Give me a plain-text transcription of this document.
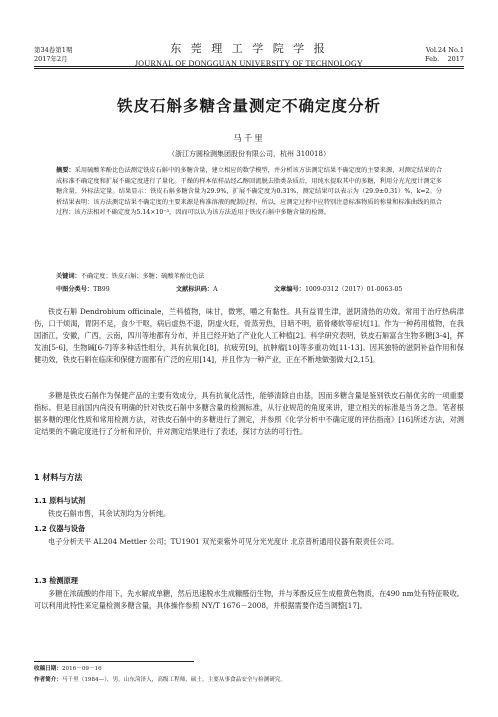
第34卷第1期
2017年2月
东 莞 理 工 学 院 学 报
JOURNAL OF DONGGUAN UNIVERSITY OF TECHNOLOGY
Vol.24 No.1
Feb.    2017
铁皮石斛多糖含量测定不确定度分析
马千里
（浙江方圆检测集团股份有限公司，杭州 310018）
摘要：采用硫酸苯酚比色法测定铁皮石斛中的多糖含量，建立相应的数学模型，并分析该方法测定结果不确定度的主要来源，对测定结果的合成标准不确定度和扩展不确定度进行了量化。干燥的样本依样品经乙醇回流脱去脂类杂质后，用纯水提取其中的多糖，利用分光光度计测定多糖含量，外标法定量。结果显示：铁皮石斛多糖含量为29.9%，扩展不确定度为0.31%，测定结果可以表示为（29.9±0.31）%，k=2。分析结果表明：该方法测定结果不确定度的主要来源是称准溶液的配制过程，所以，应测定过程中应特别注意标准物质的称量和标准曲线的拟合过程；该方法相对不确定度为5.14×10⁻³，因而可以认为该方法适用于铁皮石斛中多糖含量的检测。
关键词：不确定度；铁皮石斛；多糖；硫酸苯酚比色法
中图分类号：TB99	文献标识码：A	文章编号：1009-0312（2017）01-0063-05

铁皮石斛 Dendrobium officinale，兰科植物，味甘，微寒，嚼之有黏性。具有益胃生津，滋阴清热的功效。常用于治疗热病津伤，口干烦渴，胃阴不足，食少干呕，病后虚热不退，阴虚火旺，骨蒸劳热，目暗不明，筋骨痿软等症状[1]。作为一种药用植物，在我国浙江，安徽，广西，云南，四川等地都有分布，并且已经开始了产业化人工种植[2]。科学研究表明，铁皮石斛富含生物多糖[3-4]，挥发油[5-6]，生物碱[6-7]等多种活性组分，具有抗氧化[8]，抗疲劳[9]，抗肿瘤[10]等多重功效[11-13]。因其独特的滋阴补益作用和保健功效，铁皮石斛在临床和保健方面都有广泛的应用[14]，并且作为一种产业，正在不断地做强做大[2,15]。

多糖是铁皮石斛作为保健产品的主要有效成分，具有抗氧化活性，能够清除自由基，因而多糖含量是鉴别铁皮石斛优劣的一项重要指标。但是目前国内尚没有明确的针对铁皮石斛中多糖含量的检测标准，从行业规范的角度来讲，建立相关的标准是当务之急。笔者根据多糖的理化性质和常用检测方法，对铁皮石斛中的多糖进行了测定，并参照《化学分析中不确定度的评估指南》[16]所述方法，对测定结果的不确定度进行了分析和评价，并对测定结果进行了表述，探讨方法的可行性。

1 材料与方法
1.1 原料与试剂
铁皮石斛市售，其余试剂均为分析纯。
1.2 仪器与设备
电子分析天平 AL204 Mettler 公司；TU1901 双光束紫外可见分光光度计 北京普析通用仪器有限责任公司。
1.3 检测原理
多糖在浓硫酸的作用下，先水解成单糖，然后迅速脱水生成糠醛衍生物，并与苯酚反应生成橙黄色物质，在490 nm处有特征吸收。可以利用此特性来定量检测多糖含量，具体操作参照 NY/T 1676－2008，并根据需要作适当调整[17]。
收稿日期：2016－09－16
作者简介：马千里（1984—），男，山东菏泽人，高级工程师，硕士，主要从事食品安全与检测研究。
